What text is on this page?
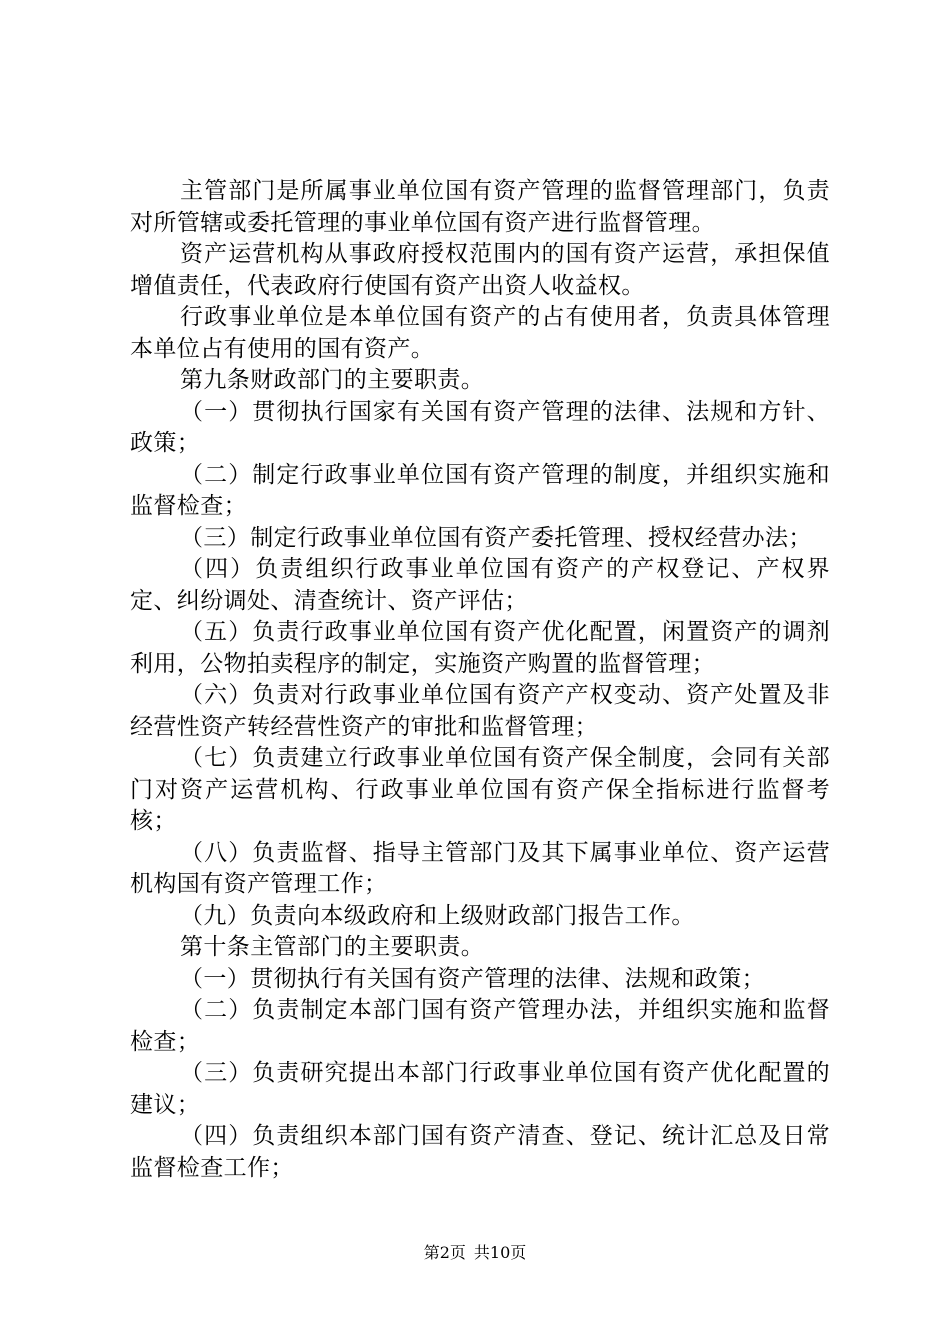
主管部门是所属事业单位国有资产管理的监督管理部门，负责对所管辖或委托管理的事业单位国有资产进行监督管理。

资产运营机构从事政府授权范围内的国有资产运营，承担保值增值责任，代表政府行使国有资产出资人收益权。

行政事业单位是本单位国有资产的占有使用者，负责具体管理本单位占有使用的国有资产。

第九条财政部门的主要职责。

（一）贯彻执行国家有关国有资产管理的法律、法规和方针、政策；

（二）制定行政事业单位国有资产管理的制度，并组织实施和监督检查；

（三）制定行政事业单位国有资产委托管理、授权经营办法；

（四）负责组织行政事业单位国有资产的产权登记、产权界定、纠纷调处、清查统计、资产评估；

（五）负责行政事业单位国有资产优化配置，闲置资产的调剂利用，公物拍卖程序的制定，实施资产购置的监督管理；

（六）负责对行政事业单位国有资产产权变动、资产处置及非经营性资产转经营性资产的审批和监督管理；

（七）负责建立行政事业单位国有资产保全制度，会同有关部门对资产运营机构、行政事业单位国有资产保全指标进行监督考核；

（八）负责监督、指导主管部门及其下属事业单位、资产运营机构国有资产管理工作；

（九）负责向本级政府和上级财政部门报告工作。

第十条主管部门的主要职责。

（一）贯彻执行有关国有资产管理的法律、法规和政策；

（二）负责制定本部门国有资产管理办法，并组织实施和监督检查；

（三）负责研究提出本部门行政事业单位国有资产优化配置的建议；

（四）负责组织本部门国有资产清查、登记、统计汇总及日常监督检查工作；

第2页 共10页
